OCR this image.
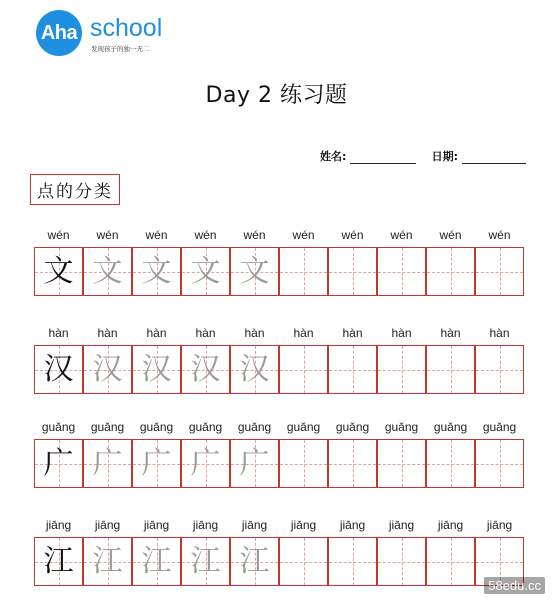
Aha school
发现孩子的独一无二
Day 2 练习题
姓名:	日期:
点的分类
wén	wén	wén	wén	wén	wén	wén	wén	wén	wén
文 文 文 文 文
hàn	hàn	hàn	hàn	hàn	hàn	hàn	hàn	hàn	hàn
汉 汉 汉 汉 汉
guǎng	guǎng	guǎng	guǎng	guǎng	guǎng	guǎng	guǎng	guǎng	guǎng
广 广 广 广 广
jiāng	jiāng	jiāng	jiāng	jiāng	jiāng	jiāng	jiāng	jiāng	jiāng
江 江 江 江 江
58edu.cc
